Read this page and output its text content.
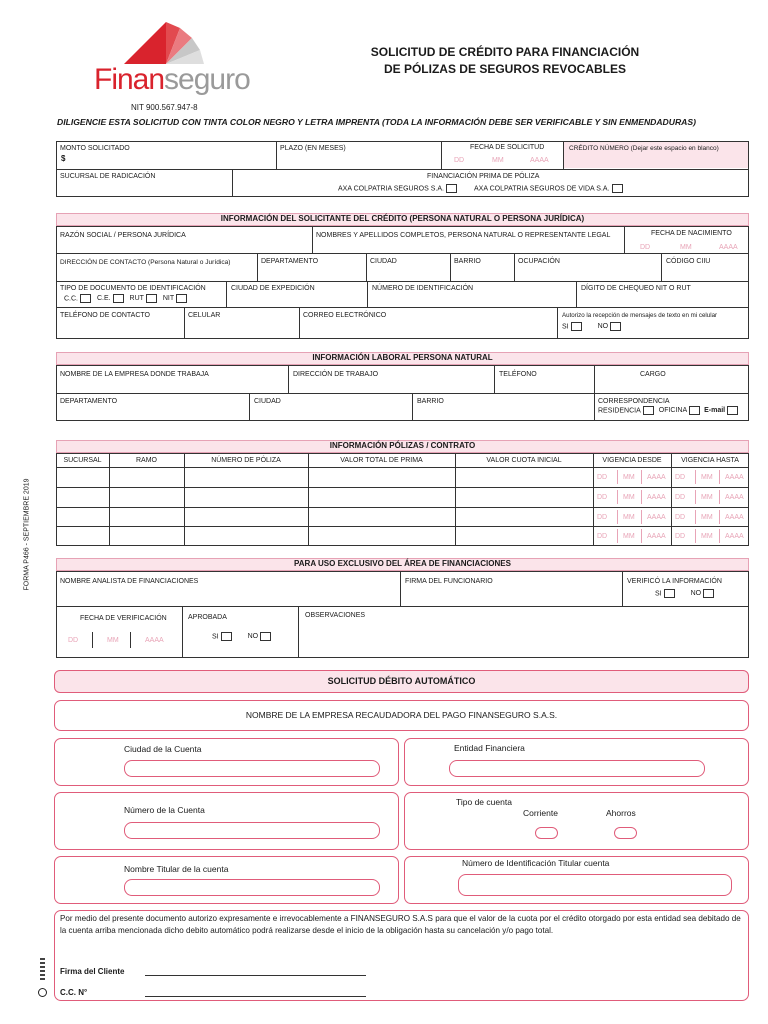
Finanseguro
NIT 900.567.947-8
SOLICITUD DE CRÉDITO PARA FINANCIACIÓN
DE PÓLIZAS DE SEGUROS REVOCABLES
DILIGENCIE ESTA SOLICITUD CON TINTA COLOR NEGRO Y LETRA IMPRENTA (TODA LA INFORMACIÓN DEBE SER VERIFICABLE Y SIN ENMENDADURAS)
FORMA P466 - SEPTIEMBRE 2019
MONTO SOLICITADO
$
PLAZO (EN MESES)	FECHA DE SOLICITUD
DD	MM	AAAA
CRÉDITO NÚMERO (Dejar este espacio en blanco)
SUCURSAL DE RADICACIÓN	FINANCIACIÓN PRIMA DE PÓLIZA
AXA COLPATRIA SEGUROS S.A.	AXA COLPATRIA SEGUROS DE VIDA S.A.
INFORMACIÓN DEL SOLICITANTE DEL CRÉDITO (PERSONA NATURAL O PERSONA JURÍDICA)
RAZÓN SOCIAL / PERSONA JURÍDICA	NOMBRES Y APELLIDOS COMPLETOS, PERSONA NATURAL O REPRESENTANTE LEGAL	FECHA DE NACIMIENTO
DD	MM	AAAA
DIRECCIÓN DE CONTACTO (Persona Natural o Jurídica)	DEPARTAMENTO	CIUDAD	BARRIO	OCUPACIÓN	CÓDIGO CIIU
TIPO DE DOCUMENTO DE IDENTIFICACIÓN
C.C.	C.E.	RUT	NIT
CIUDAD DE EXPEDICIÓN	NÚMERO DE IDENTIFICACIÓN	DÍGITO DE CHEQUEO NIT O RUT
TELÉFONO DE CONTACTO	CELULAR	CORREO ELECTRÓNICO	Autorizo la recepción de mensajes de texto en mi celular
SI	NO
INFORMACIÓN LABORAL PERSONA NATURAL
NOMBRE DE LA EMPRESA DONDE TRABAJA	DIRECCIÓN DE TRABAJO	TELÉFONO	CARGO
DEPARTAMENTO	CIUDAD	BARRIO	CORRESPONDENCIA
RESIDENCIA	OFICINA E-mail
INFORMACIÓN PÓLIZAS / CONTRATO
SUCURSAL	RAMO	NÚMERO DE PÓLIZA	VALOR TOTAL DE PRIMA	VALOR CUOTA INICIAL	VIGENCIA DESDE	VIGENCIA HASTA
DD MM AAAA DD MM AAAA
DD MM AAAA DD MM AAAA
DD MM AAAA DD MM AAAA
DD MM AAAA DD MM AAAA
PARA USO EXCLUSIVO DEL ÁREA DE FINANCIACIONES
NOMBRE ANALISTA DE FINANCIACIONES	FIRMA DEL FUNCIONARIO	VERIFICÓ LA INFORMACIÓN
SI	NO
FECHA DE VERIFICACIÓN
DD	MM	AAAA
APROBADA
SI	NO
OBSERVACIONES
SOLICITUD DÉBITO AUTOMÁTICO
NOMBRE DE LA EMPRESA RECAUDADORA DEL PAGO FINANSEGURO S.A.S.
Ciudad de la Cuenta	Entidad Financiera
Número de la Cuenta
Tipo de cuenta
Corriente	Ahorros
Nombre Titular de la cuenta
Número de Identificación Titular cuenta
Por medio del presente documento autorizo expresamente e irrevocablemente a FINANSEGURO S.A.S para que el valor de la cuota por el crédito otorgado por esta entidad sea debitado de la cuenta arriba mencionada dicho debito automático podrá realizarse desde el inicio de la obligación hasta su cancelación y/o pago total.
Firma del Cliente
C.C. N°
